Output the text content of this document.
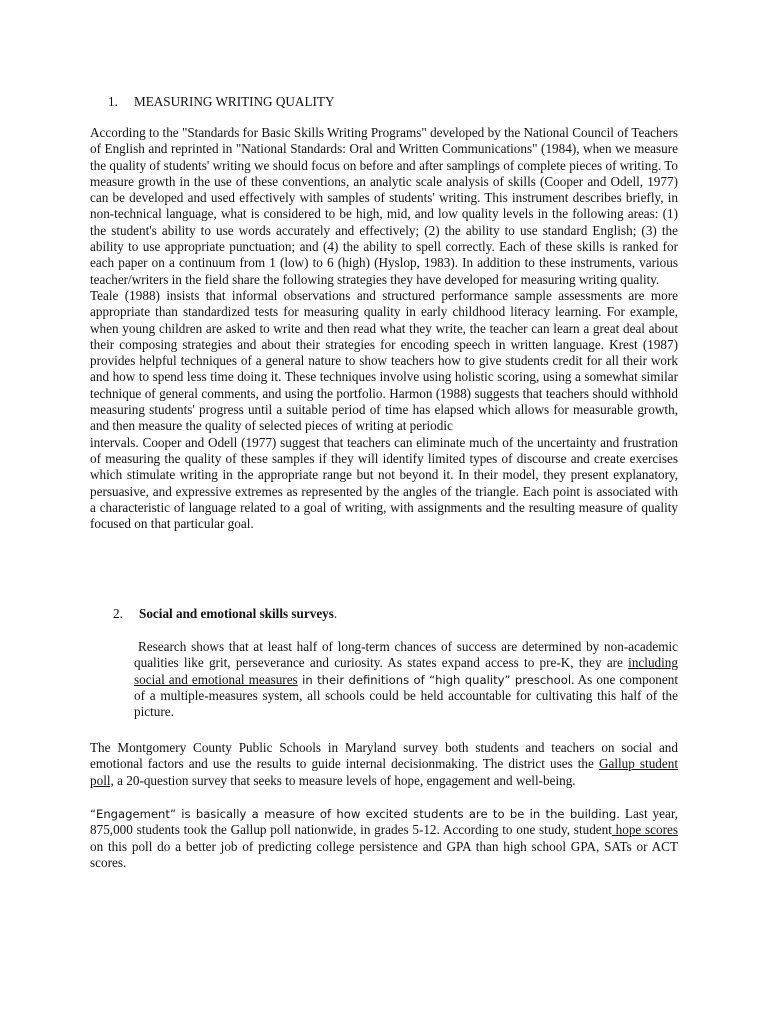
1. MEASURING WRITING QUALITY

According to the "Standards for Basic Skills Writing Programs" developed by the National Council of Teachers of English and reprinted in "National Standards: Oral and Written Communications" (1984), when we measure the quality of students' writing we should focus on before and after samplings of complete pieces of writing. To measure growth in the use of these conventions, an analytic scale analysis of skills (Cooper and Odell, 1977) can be developed and used effectively with samples of students' writing. This instrument describes briefly, in non-technical language, what is considered to be high, mid, and low quality levels in the following areas: (1) the student's ability to use words accurately and effectively; (2) the ability to use standard English; (3) the ability to use appropriate punctuation; and (4) the ability to spell correctly. Each of these skills is ranked for each paper on a continuum from 1 (low) to 6 (high) (Hyslop, 1983). In addition to these instruments, various teacher/writers in the field share the following strategies they have developed for measuring writing quality.

Teale (1988) insists that informal observations and structured performance sample assessments are more appropriate than standardized tests for measuring quality in early childhood literacy learning. For example, when young children are asked to write and then read what they write, the teacher can learn a great deal about their composing strategies and about their strategies for encoding speech in written language. Krest (1987) provides helpful techniques of a general nature to show teachers how to give students credit for all their work and how to spend less time doing it. These techniques involve using holistic scoring, using a somewhat similar technique of general comments, and using the portfolio. Harmon (1988) suggests that teachers should withhold measuring students' progress until a suitable period of time has elapsed which allows for measurable growth, and then measure the quality of selected pieces of writing at periodic

intervals. Cooper and Odell (1977) suggest that teachers can eliminate much of the uncertainty and frustration of measuring the quality of these samples if they will identify limited types of discourse and create exercises which stimulate writing in the appropriate range but not beyond it. In their model, they present explanatory, persuasive, and expressive extremes as represented by the angles of the triangle. Each point is associated with a characteristic of language related to a goal of writing, with assignments and the resulting measure of quality focused on that particular goal.

2. Social and emotional skills surveys.

Research shows that at least half of long-term chances of success are determined by non-academic qualities like grit, perseverance and curiosity. As states expand access to pre-K, they are including social and emotional measures in their definitions of “high quality” preschool. As one component of a multiple-measures system, all schools could be held accountable for cultivating this half of the picture.

The Montgomery County Public Schools in Maryland survey both students and teachers on social and emotional factors and use the results to guide internal decisionmaking. The district uses the Gallup student poll, a 20-question survey that seeks to measure levels of hope, engagement and well-being.

“Engagement” is basically a measure of how excited students are to be in the building. Last year, 875,000 students took the Gallup poll nationwide, in grades 5-12. According to one study, student hope scores on this poll do a better job of predicting college persistence and GPA than high school GPA, SATs or ACT scores.
